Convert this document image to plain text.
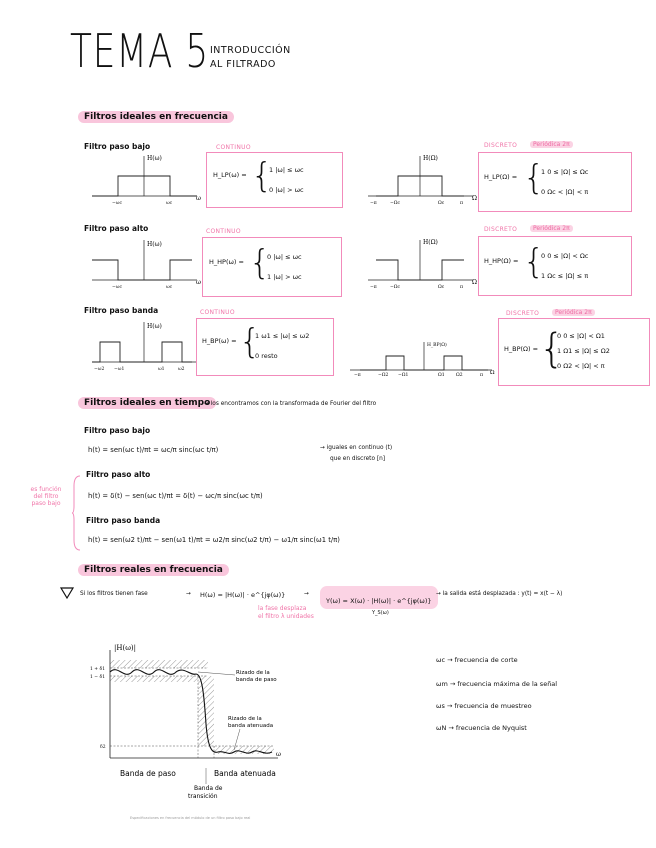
TEMA 5 INTRODUCCIÓN
AL FILTRADO
Filtros ideales en frecuencia
Filtro paso bajo
H(ω)
ω
−ωc	ωc
CONTINUO
H_LP(ω) = {
1 |ω| ≤ ωc
0 |ω| > ωc
H(Ω)
Ω
−π	−Ωc	Ωc	π
DISCRETO	Periódica 2π
H_LP(Ω) = {
1 0 ≤ |Ω| ≤ Ωc
0 Ωc < |Ω| < π
Filtro paso alto
H(ω)
ω
−ωc	ωc
CONTINUO
H_HP(ω) = {
0 |ω| ≤ ωc
1 |ω| > ωc
H(Ω)
Ω
−π	−Ωc	Ωc	π
DISCRETO	Periódica 2π
H_HP(Ω) = {
0 0 ≤ |Ω| < Ωc
1 Ωc ≤ |Ω| ≤ π
Filtro paso banda
H(ω)
−ω2 −ω1	ω1	ω2
CONTINUO
H_BP(ω) = {
1 ω1 ≤ |ω| ≤ ω2
0 resto
H_BP(Ω)
Ω
−π	−Ω2 −Ω1	Ω1	Ω2	π
DISCRETO	Periódica 2π
H_BP(Ω) = {
0 0 ≤ |Ω| < Ω1
1 Ω1 ≤ |Ω| ≤ Ω2
0 Ω2 < |Ω| < π
Filtros ideales en tiempo
→ los encontramos con la transformada de Fourier del filtro
Filtro paso bajo
h(t) = sen(ωc t)/πt = ωc/π sinc(ωc t/π)	→ iguales en continuo (t)
que en discreto [n]
Filtro paso alto
h(t) = δ(t) − sen(ωc t)/πt = δ(t) − ωc/π sinc(ωc t/π)
es función
del filtro
paso bajo
Filtro paso banda
h(t) = sen(ω2 t)/πt − sen(ω1 t)/πt = ω2/π sinc(ω2 t/π) − ω1/π sinc(ω1 t/π)
Filtros reales en frecuencia
Si los filtros tienen fase	→ H(ω) = |H(ω)| · e^{jφ(ω)}	→
Y(ω) = X(ω) · |H(ω)| · e^{jφ(ω)}
→ la salida está desplazada : y(t) = x(t − λ)
la fase desplaza
el filtro λ unidades	Y_S(ω)
|H(ω)|
1 + δ1
1 − δ1
δ2
ω
Rizado de la
banda de paso
Rizado de la
banda atenuada
Banda de paso	Banda atenuada
Banda de
transición
Especificaciones en frecuencia del módulo de un filtro paso bajo real
ωc → frecuencia de corte
ωm → frecuencia máxima de la señal
ωs → frecuencia de muestreo
ωN → frecuencia de Nyquist
